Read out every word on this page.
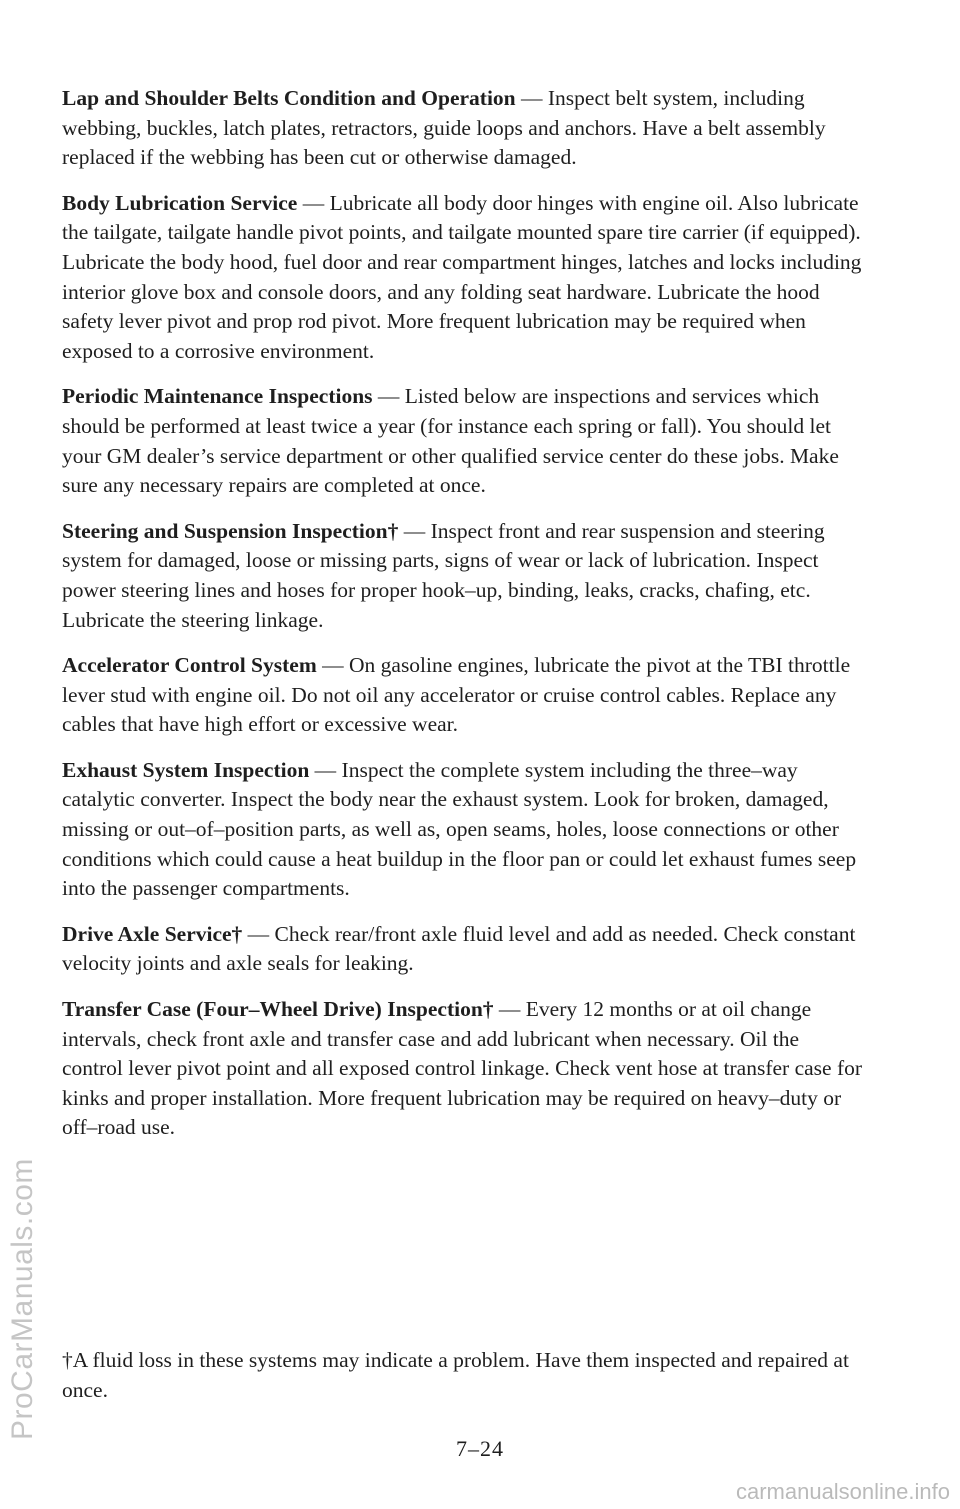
Lap and Shoulder Belts Condition and Operation — Inspect belt system, including webbing, buckles, latch plates, retractors, guide loops and anchors. Have a belt assembly replaced if the webbing has been cut or otherwise damaged.

Body Lubrication Service — Lubricate all body door hinges with engine oil. Also lubricate the tailgate, tailgate handle pivot points, and tailgate mounted spare tire carrier (if equipped). Lubricate the body hood, fuel door and rear compartment hinges, latches and locks including interior glove box and console doors, and any folding seat hardware. Lubricate the hood safety lever pivot and prop rod pivot. More frequent lubrication may be required when exposed to a corrosive environment.

Periodic Maintenance Inspections — Listed below are inspections and services which should be performed at least twice a year (for instance each spring or fall). You should let your GM dealer’s service department or other qualified service center do these jobs. Make sure any necessary repairs are completed at once.

Steering and Suspension Inspection† — Inspect front and rear suspension and steering system for damaged, loose or missing parts, signs of wear or lack of lubrication. Inspect power steering lines and hoses for proper hook–up, binding, leaks, cracks, chafing, etc. Lubricate the steering linkage.

Accelerator Control System — On gasoline engines, lubricate the pivot at the TBI throttle lever stud with engine oil. Do not oil any accelerator or cruise control cables. Replace any cables that have high effort or excessive wear.

Exhaust System Inspection — Inspect the complete system including the three–way catalytic converter. Inspect the body near the exhaust system. Look for broken, damaged, missing or out–of–position parts, as well as, open seams, holes, loose connections or other conditions which could cause a heat buildup in the floor pan or could let exhaust fumes seep into the passenger compartments.

Drive Axle Service† — Check rear/front axle fluid level and add as needed. Check constant velocity joints and axle seals for leaking.

Transfer Case (Four–Wheel Drive) Inspection† — Every 12 months or at oil change intervals, check front axle and transfer case and add lubricant when necessary. Oil the control lever pivot point and all exposed control linkage. Check vent hose at transfer case for kinks and proper installation. More frequent lubrication may be required on heavy–duty or off–road use.

†A fluid loss in these systems may indicate a problem. Have them inspected and repaired at once.

7–24
ProCarManuals.com
carmanualsonline.info
